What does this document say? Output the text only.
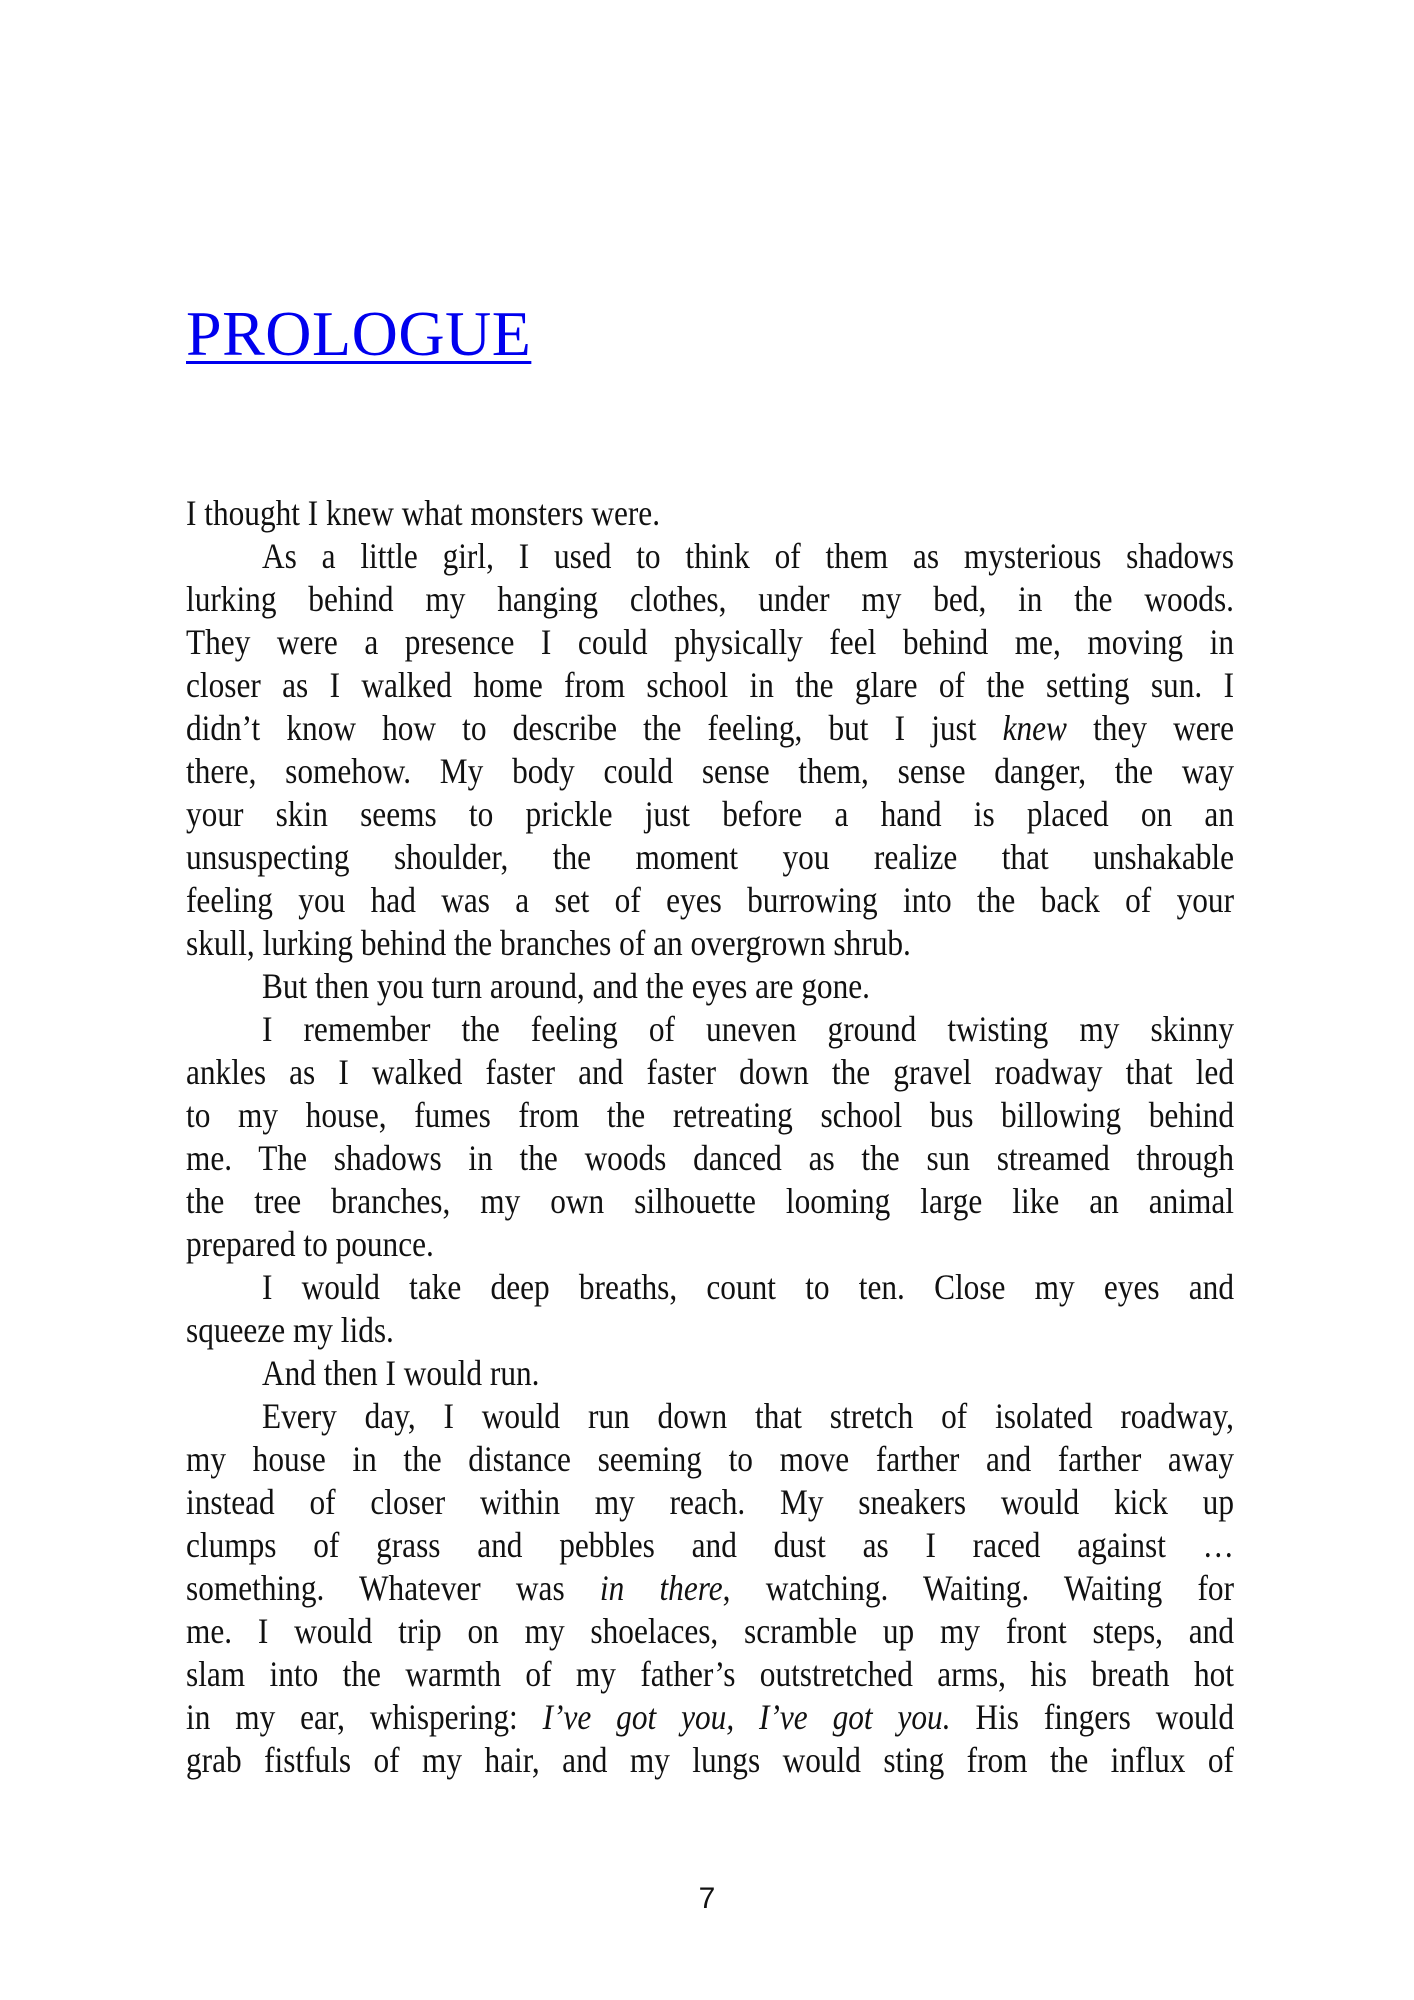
PROLOGUE
I thought I knew what monsters were.
As a little girl, I used to think of them as mysterious shadows
lurking behind my hanging clothes, under my bed, in the woods.
They were a presence I could physically feel behind me, moving in
closer as I walked home from school in the glare of the setting sun. I
didn’t know how to describe the feeling, but I just knew they were
there, somehow. My body could sense them, sense danger, the way
your skin seems to prickle just before a hand is placed on an
unsuspecting shoulder, the moment you realize that unshakable
feeling you had was a set of eyes burrowing into the back of your
skull, lurking behind the branches of an overgrown shrub.
But then you turn around, and the eyes are gone.
I remember the feeling of uneven ground twisting my skinny
ankles as I walked faster and faster down the gravel roadway that led
to my house, fumes from the retreating school bus billowing behind
me. The shadows in the woods danced as the sun streamed through
the tree branches, my own silhouette looming large like an animal
prepared to pounce.
I would take deep breaths, count to ten. Close my eyes and
squeeze my lids.
And then I would run.
Every day, I would run down that stretch of isolated roadway,
my house in the distance seeming to move farther and farther away
instead of closer within my reach. My sneakers would kick up
clumps of grass and pebbles and dust as I raced against …
something. Whatever was in there, watching. Waiting. Waiting for
me. I would trip on my shoelaces, scramble up my front steps, and
slam into the warmth of my father’s outstretched arms, his breath hot
in my ear, whispering: I’ve got you, I’ve got you. His fingers would
grab fistfuls of my hair, and my lungs would sting from the influx of
7
